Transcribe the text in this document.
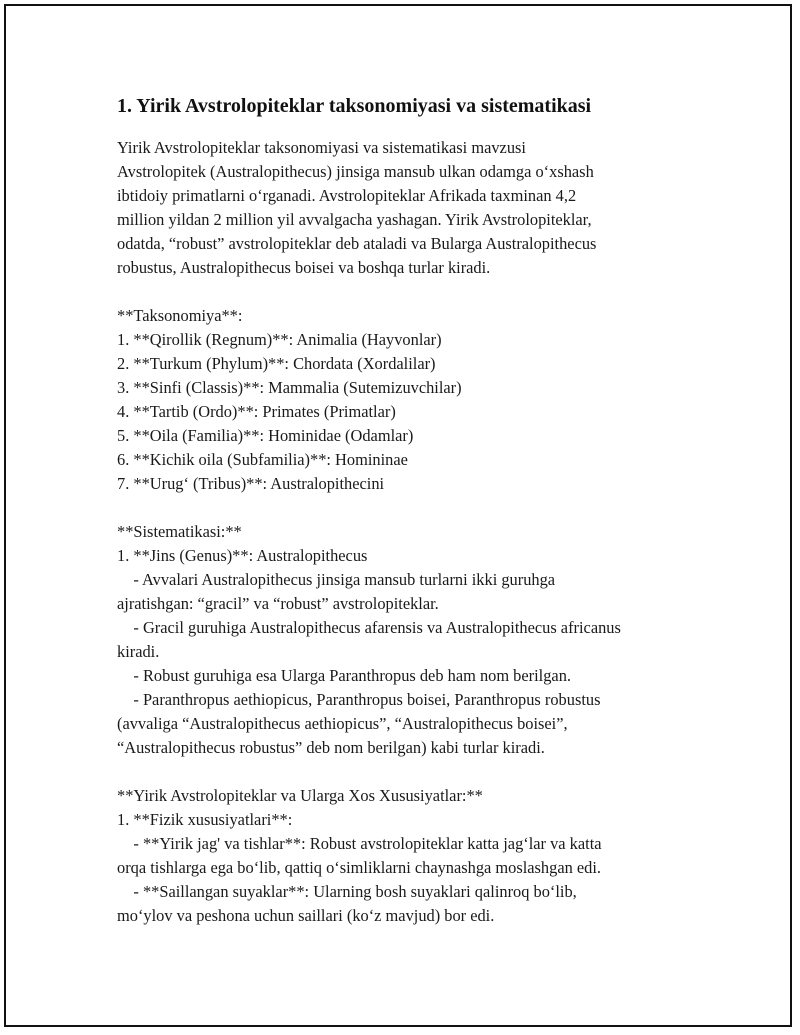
1. Yirik Avstrolopiteklar taksonomiyasi va sistematikasi
Yirik Avstrolopiteklar taksonomiyasi va sistematikasi mavzusi
Avstrolopitek (Australopithecus) jinsiga mansub ulkan odamga o‘xshash
ibtidoiy primatlarni o‘rganadi. Avstrolopiteklar Afrikada taxminan 4,2
million yildan 2 million yil avvalgacha yashagan. Yirik Avstrolopiteklar,
odatda, “robust” avstrolopiteklar deb ataladi va Bularga Australopithecus
robustus, Australopithecus boisei va boshqa turlar kiradi.
**Taksonomiya**:
1. **Qirollik (Regnum)**: Animalia (Hayvonlar)
2. **Turkum (Phylum)**: Chordata (Xordalilar)
3. **Sinfi (Classis)**: Mammalia (Sutemizuvchilar)
4. **Tartib (Ordo)**: Primates (Primatlar)
5. **Oila (Familia)**: Hominidae (Odamlar)
6. **Kichik oila (Subfamilia)**: Homininae
7. **Urug‘ (Tribus)**: Australopithecini
**Sistematikasi:**
1. **Jins (Genus)**: Australopithecus
- Avvalari Australopithecus jinsiga mansub turlarni ikki guruhga
ajratishgan: “gracil” va “robust” avstrolopiteklar.
- Gracil guruhiga Australopithecus afarensis va Australopithecus africanus
kiradi.
- Robust guruhiga esa Ularga Paranthropus deb ham nom berilgan.
- Paranthropus aethiopicus, Paranthropus boisei, Paranthropus robustus
(avvaliga “Australopithecus aethiopicus”, “Australopithecus boisei”,
“Australopithecus robustus” deb nom berilgan) kabi turlar kiradi.
**Yirik Avstrolopiteklar va Ularga Xos Xususiyatlar:**
1. **Fizik xususiyatlari**:
- **Yirik jag' va tishlar**: Robust avstrolopiteklar katta jag‘lar va katta
orqa tishlarga ega bo‘lib, qattiq o‘simliklarni chaynashga moslashgan edi.
- **Saillangan suyaklar**: Ularning bosh suyaklari qalinroq bo‘lib,
mo‘ylov va peshona uchun saillari (ko‘z mavjud) bor edi.
